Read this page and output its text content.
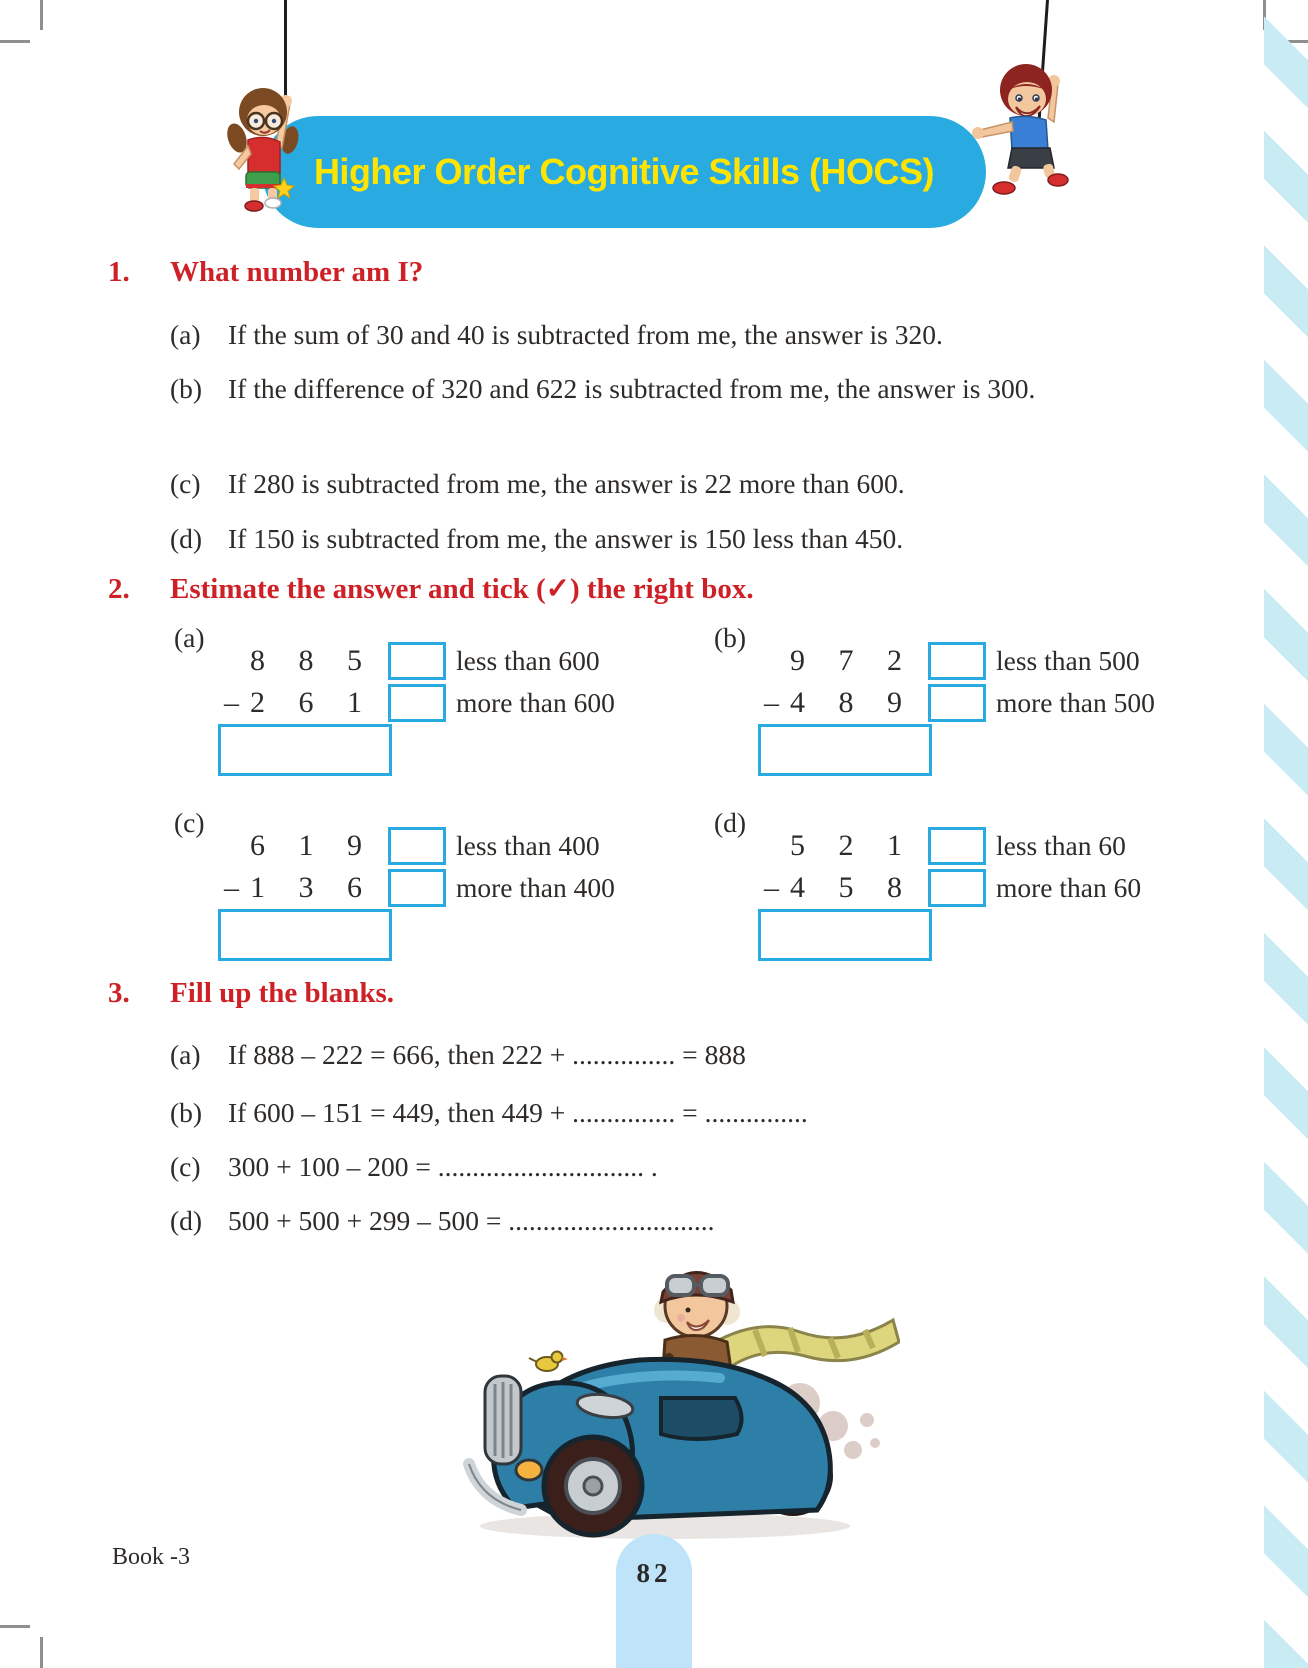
Higher Order Cognitive Skills (HOCS)
1. What number am I?
(a) If the sum of 30 and 40 is subtracted from me, the answer is 320.
(b) If the difference of 320 and 622 is subtracted from me, the answer is 300.
(c) If 280 is subtracted from me, the answer is 22 more than 600.
(d) If 150 is subtracted from me, the answer is 150 less than 450.
2. Estimate the answer and tick (✓) the right box.
(a)
8 8 5	less than 600
– 2 6 1	more than 600
(b)
9 7 2	less than 500
– 4 8 9	more than 500
(c)
6 1 9	less than 400
– 1 3 6	more than 400
(d)
5 2 1	less than 60
– 4 5 8	more than 60
3. Fill up the blanks.
(a) If 888 – 222 = 666, then 222 + ............... = 888
(b) If 600 – 151 = 449, then 449 + ............... = ...............
(c) 300 + 100 – 200 = .............................. .
(d) 500 + 500 + 299 – 500 = ..............................
Book -3
82
